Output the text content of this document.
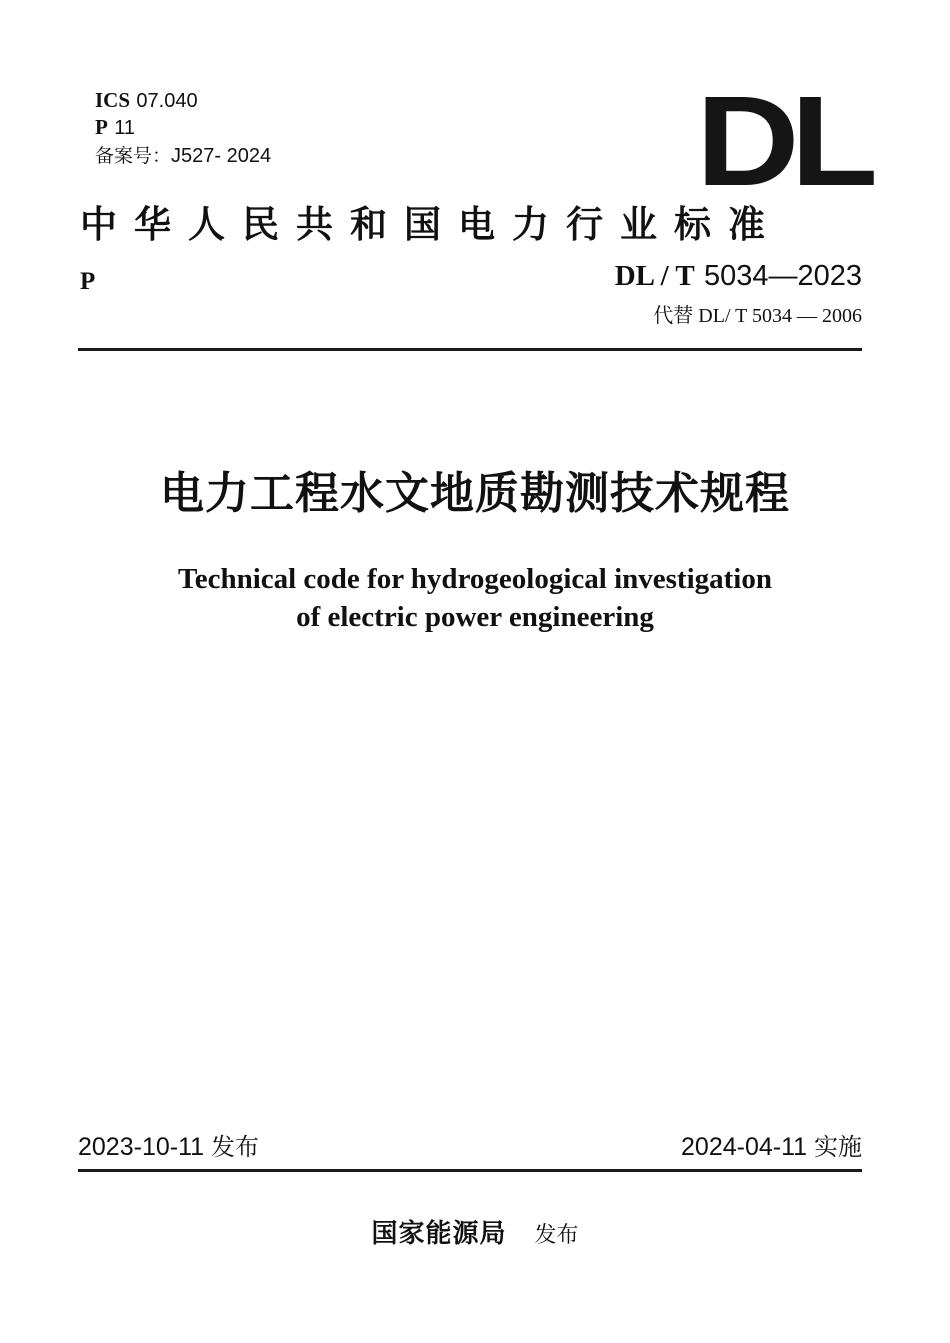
ICS 07.040
P 11
备案号：J527- 2024	DL
中华人民共和国电力行业标准
P	DL / T 5034—2023
代替 DL/ T 5034 — 2006
电力工程水文地质勘测技术规程
Technical code for hydrogeological investigation
of electric power engineering
2023-10-11 发布	2024-04-11 实施
国家能源局 发布
